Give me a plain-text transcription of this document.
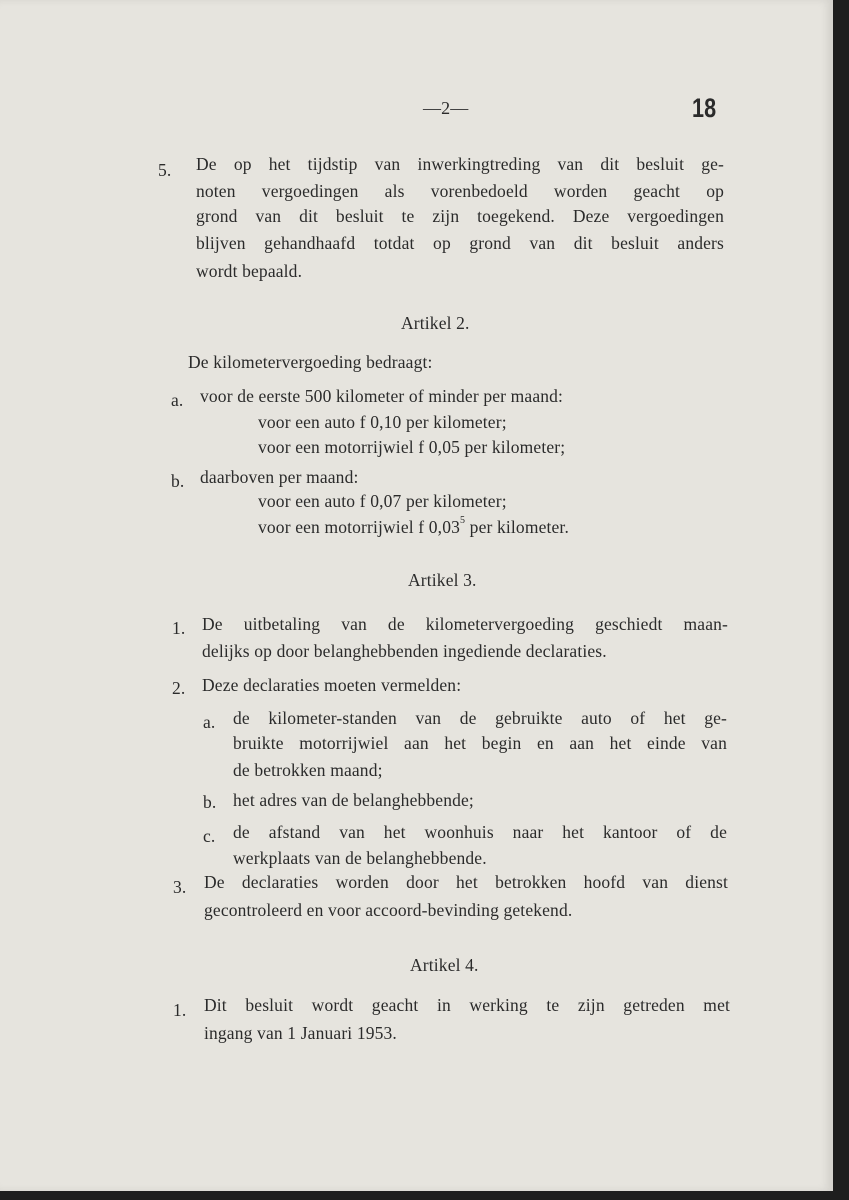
—2—	18
5. De op het tijdstip van inwerkingtreding van dit besluit ge-
noten vergoedingen als vorenbedoeld worden geacht op
grond van dit besluit te zijn toegekend. Deze vergoedingen
blijven gehandhaafd totdat op grond van dit besluit anders
wordt bepaald.
Artikel 2.
De kilometervergoeding bedraagt:
a. voor de eerste 500 kilometer of minder per maand:
voor een auto f 0,10 per kilometer;
voor een motorrijwiel f 0,05 per kilometer;
b. daarboven per maand:
voor een auto f 0,07 per kilometer;
voor een motorrijwiel f 0,03$^5$ per kilometer.
Artikel 3.
1. De uitbetaling van de kilometervergoeding geschiedt maan-
delijks op door belanghebbenden ingediende declaraties.
2. Deze declaraties moeten vermelden:
a. de kilometer-standen van de gebruikte auto of het ge-
bruikte motorrijwiel aan het begin en aan het einde van
de betrokken maand;
b. het adres van de belanghebbende;
c. de afstand van het woonhuis naar het kantoor of de
werkplaats van de belanghebbende.
3. De declaraties worden door het betrokken hoofd van dienst
gecontroleerd en voor accoord-bevinding getekend.
Artikel 4.
1. Dit besluit wordt geacht in werking te zijn getreden met
ingang van 1 Januari 1953.
